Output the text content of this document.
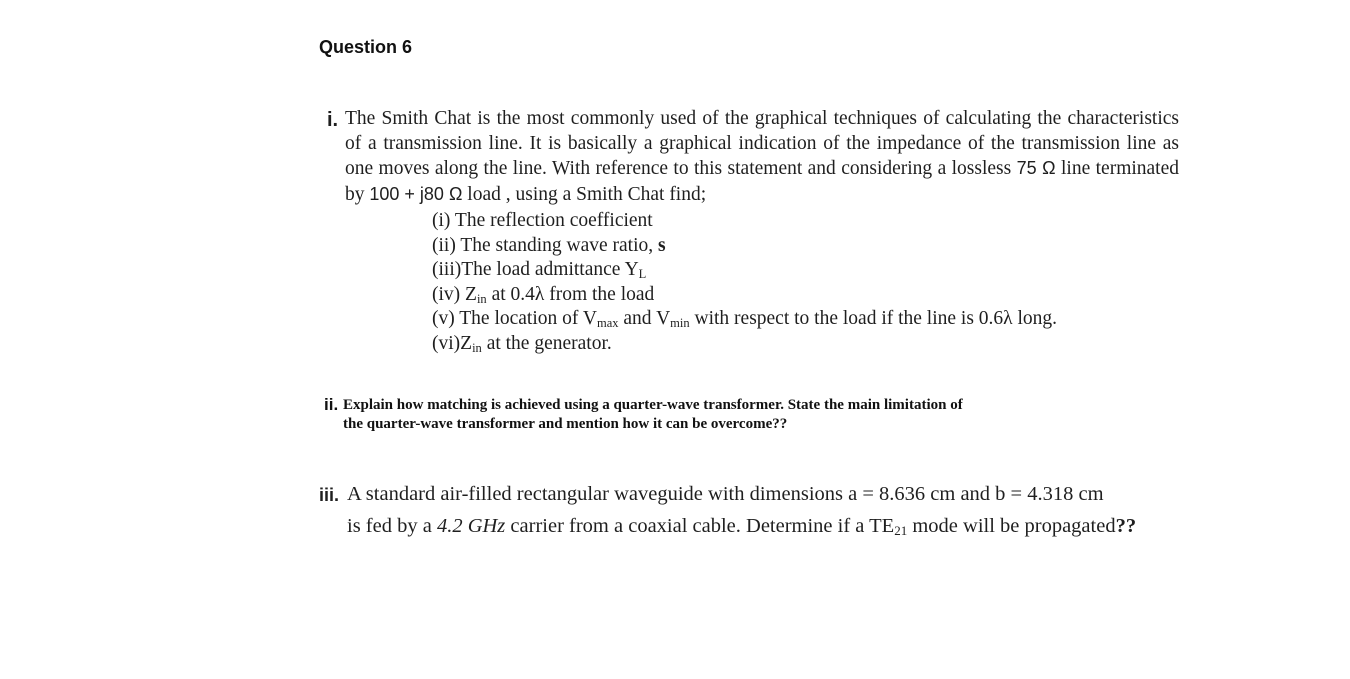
Question 6
i. The Smith Chat is the most commonly used of the graphical techniques of calculating the characteristics of a transmission line. It is basically a graphical indication of the impedance of the transmission line as one moves along the line. With reference to this statement and considering a lossless 75 Ω line terminated by 100 + j80 Ω load , using a Smith Chat find;
(i) The reflection coefficient
(ii) The standing wave ratio, s
(iii)The load admittance $Y_L$
(iv) $Z_{in}$ at 0.4λ from the load
(v) The location of $V_{max}$ and $V_{min}$ with respect to the load if the line is 0.6λ long.
$(vi)Z_{in}$ at the generator.
ii. Explain how matching is achieved using a quarter-wave transformer. State the main limitation of
the quarter-wave transformer and mention how it can be overcome??
iii. A standard air-filled rectangular waveguide with dimensions a = 8.636 cm and b = 4.318 cm
is fed by a 4.2 GHz carrier from a coaxial cable. Determine if a $TE_{21}$ mode will be propagated??
